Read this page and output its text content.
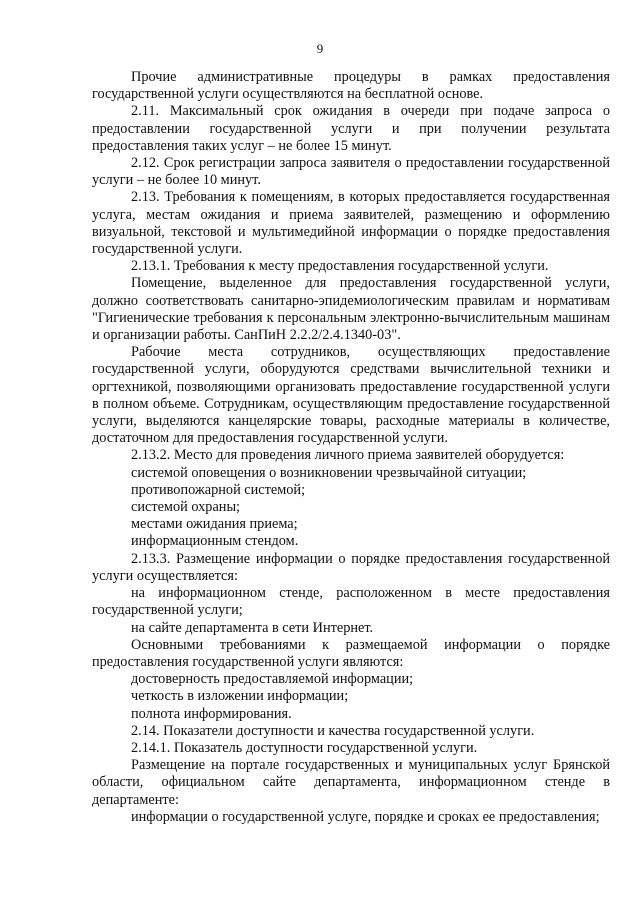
9

Прочие административные процедуры в рамках предоставления государственной услуги осуществляются на бесплатной основе.

2.11. Максимальный срок ожидания в очереди при подаче запроса о предоставлении государственной услуги и при получении результата предоставления таких услуг – не более 15 минут.

2.12. Срок регистрации запроса заявителя о предоставлении государственной услуги – не более 10 минут.

2.13. Требования к помещениям, в которых предоставляется государственная услуга, местам ожидания и приема заявителей, размещению и оформлению визуальной, текстовой и мультимедийной информации о порядке предоставления государственной услуги.

2.13.1. Требования к месту предоставления государственной услуги.

Помещение, выделенное для предоставления государственной услуги, должно соответствовать санитарно-эпидемиологическим правилам и нормативам "Гигиенические требования к персональным электронно-вычислительным машинам и организации работы. СанПиН 2.2.2/2.4.1340-03".

Рабочие места сотрудников, осуществляющих предоставление государственной услуги, оборудуются средствами вычислительной техники и оргтехникой, позволяющими организовать предоставление государственной услуги в полном объеме. Сотрудникам, осуществляющим предоставление государственной услуги, выделяются канцелярские товары, расходные материалы в количестве, достаточном для предоставления государственной услуги.

2.13.2. Место для проведения личного приема заявителей оборудуется:

системой оповещения о возникновении чрезвычайной ситуации;

противопожарной системой;

системой охраны;

местами ожидания приема;

информационным стендом.

2.13.3. Размещение информации о порядке предоставления государственной услуги осуществляется:

на информационном стенде, расположенном в месте предоставления государственной услуги;

на сайте департамента в сети Интернет.

Основными требованиями к размещаемой информации о порядке предоставления государственной услуги являются:

достоверность предоставляемой информации;

четкость в изложении информации;

полнота информирования.

2.14. Показатели доступности и качества государственной услуги.

2.14.1. Показатель доступности государственной услуги.

Размещение на портале государственных и муниципальных услуг Брянской области, официальном сайте департамента, информационном стенде в департаменте:

информации о государственной услуге, порядке и сроках ее предоставления;
